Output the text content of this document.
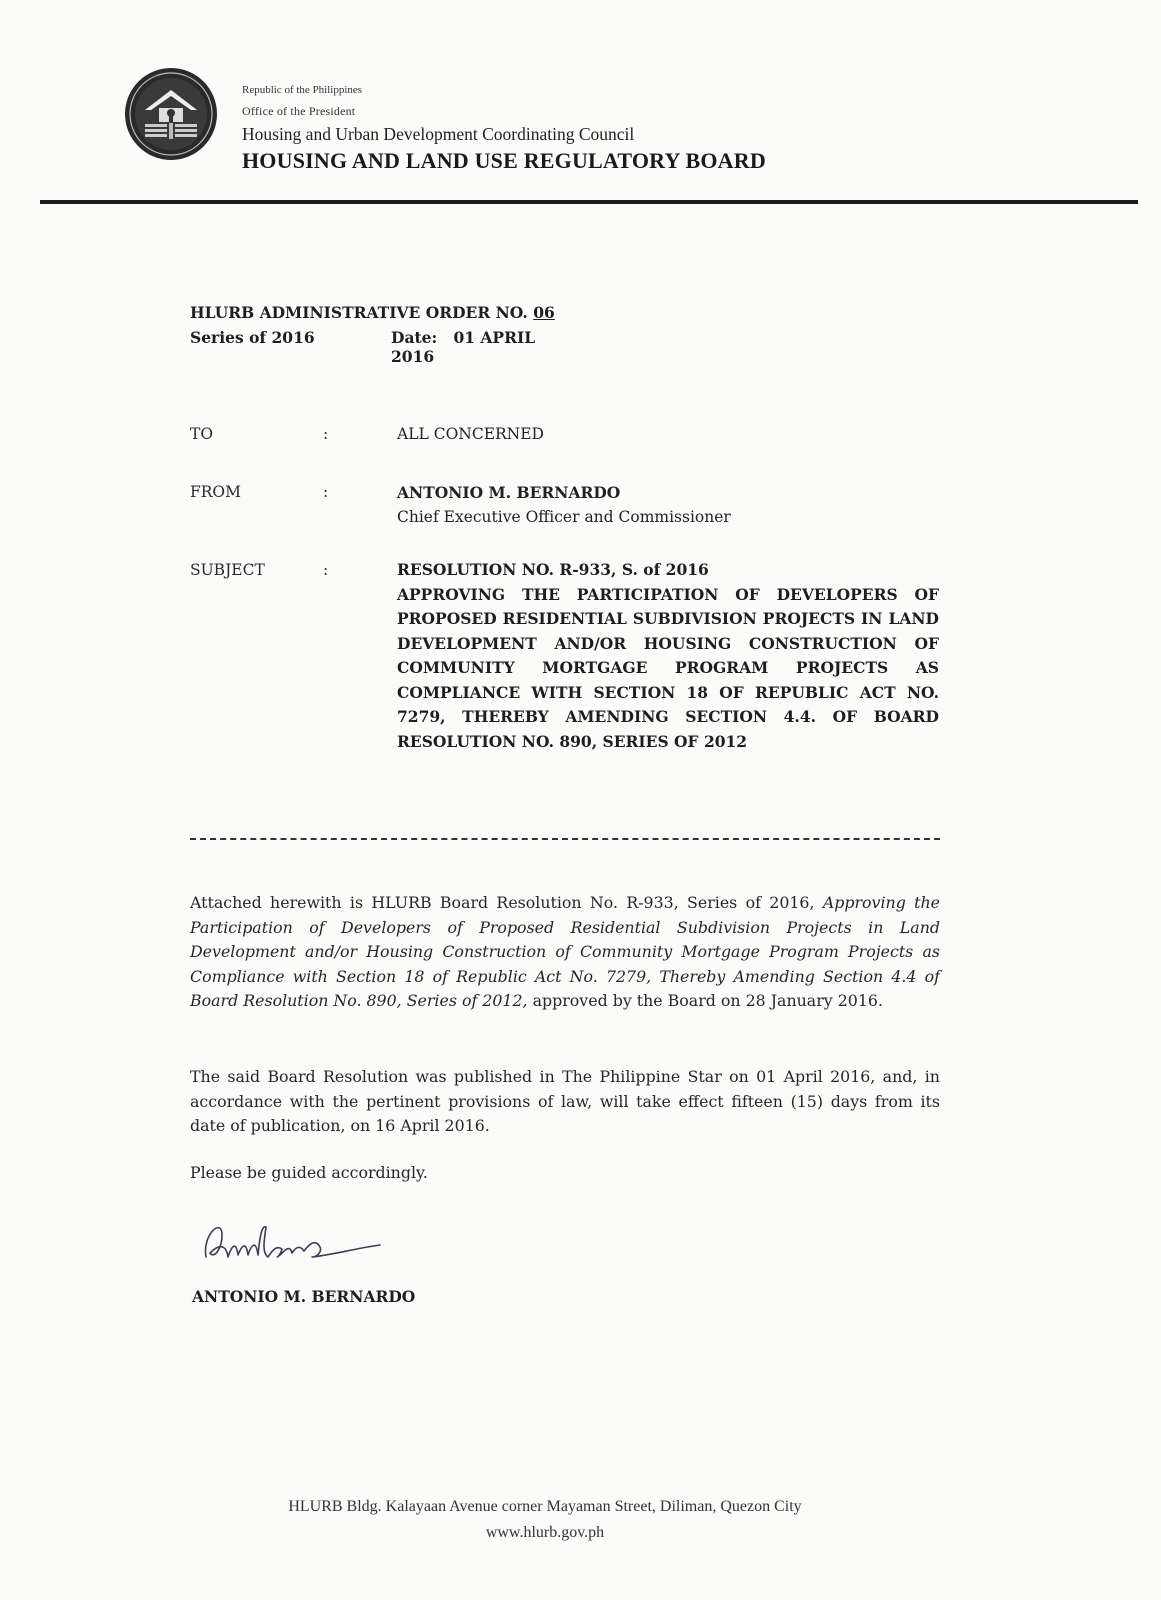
Republic of the Philippines
Office of the President
Housing and Urban Development Coordinating Council
HOUSING AND LAND USE REGULATORY BOARD
HLURB ADMINISTRATIVE ORDER NO. 06
Series of 2016	Date: 01 APRIL 2016
TO	:	ALL CONCERNED
FROM	:	ANTONIO M. BERNARDO
Chief Executive Officer and Commissioner
SUBJECT	:	RESOLUTION NO. R-933, S. of 2016
APPROVING THE PARTICIPATION OF DEVELOPERS OF PROPOSED RESIDENTIAL SUBDIVISION PROJECTS IN LAND DEVELOPMENT AND/OR HOUSING CONSTRUCTION OF COMMUNITY MORTGAGE PROGRAM PROJECTS AS COMPLIANCE WITH SECTION 18 OF REPUBLIC ACT NO. 7279, THEREBY AMENDING SECTION 4.4. OF BOARD RESOLUTION NO. 890, SERIES OF 2012
Attached herewith is HLURB Board Resolution No. R-933, Series of 2016, Approving the Participation of Developers of Proposed Residential Subdivision Projects in Land Development and/or Housing Construction of Community Mortgage Program Projects as Compliance with Section 18 of Republic Act No. 7279, Thereby Amending Section 4.4 of Board Resolution No. 890, Series of 2012, approved by the Board on 28 January 2016.
The said Board Resolution was published in The Philippine Star on 01 April 2016, and, in accordance with the pertinent provisions of law, will take effect fifteen (15) days from its date of publication, on 16 April 2016.
Please be guided accordingly.
ANTONIO M. BERNARDO
HLURB Bldg. Kalayaan Avenue corner Mayaman Street, Diliman, Quezon City
www.hlurb.gov.ph
